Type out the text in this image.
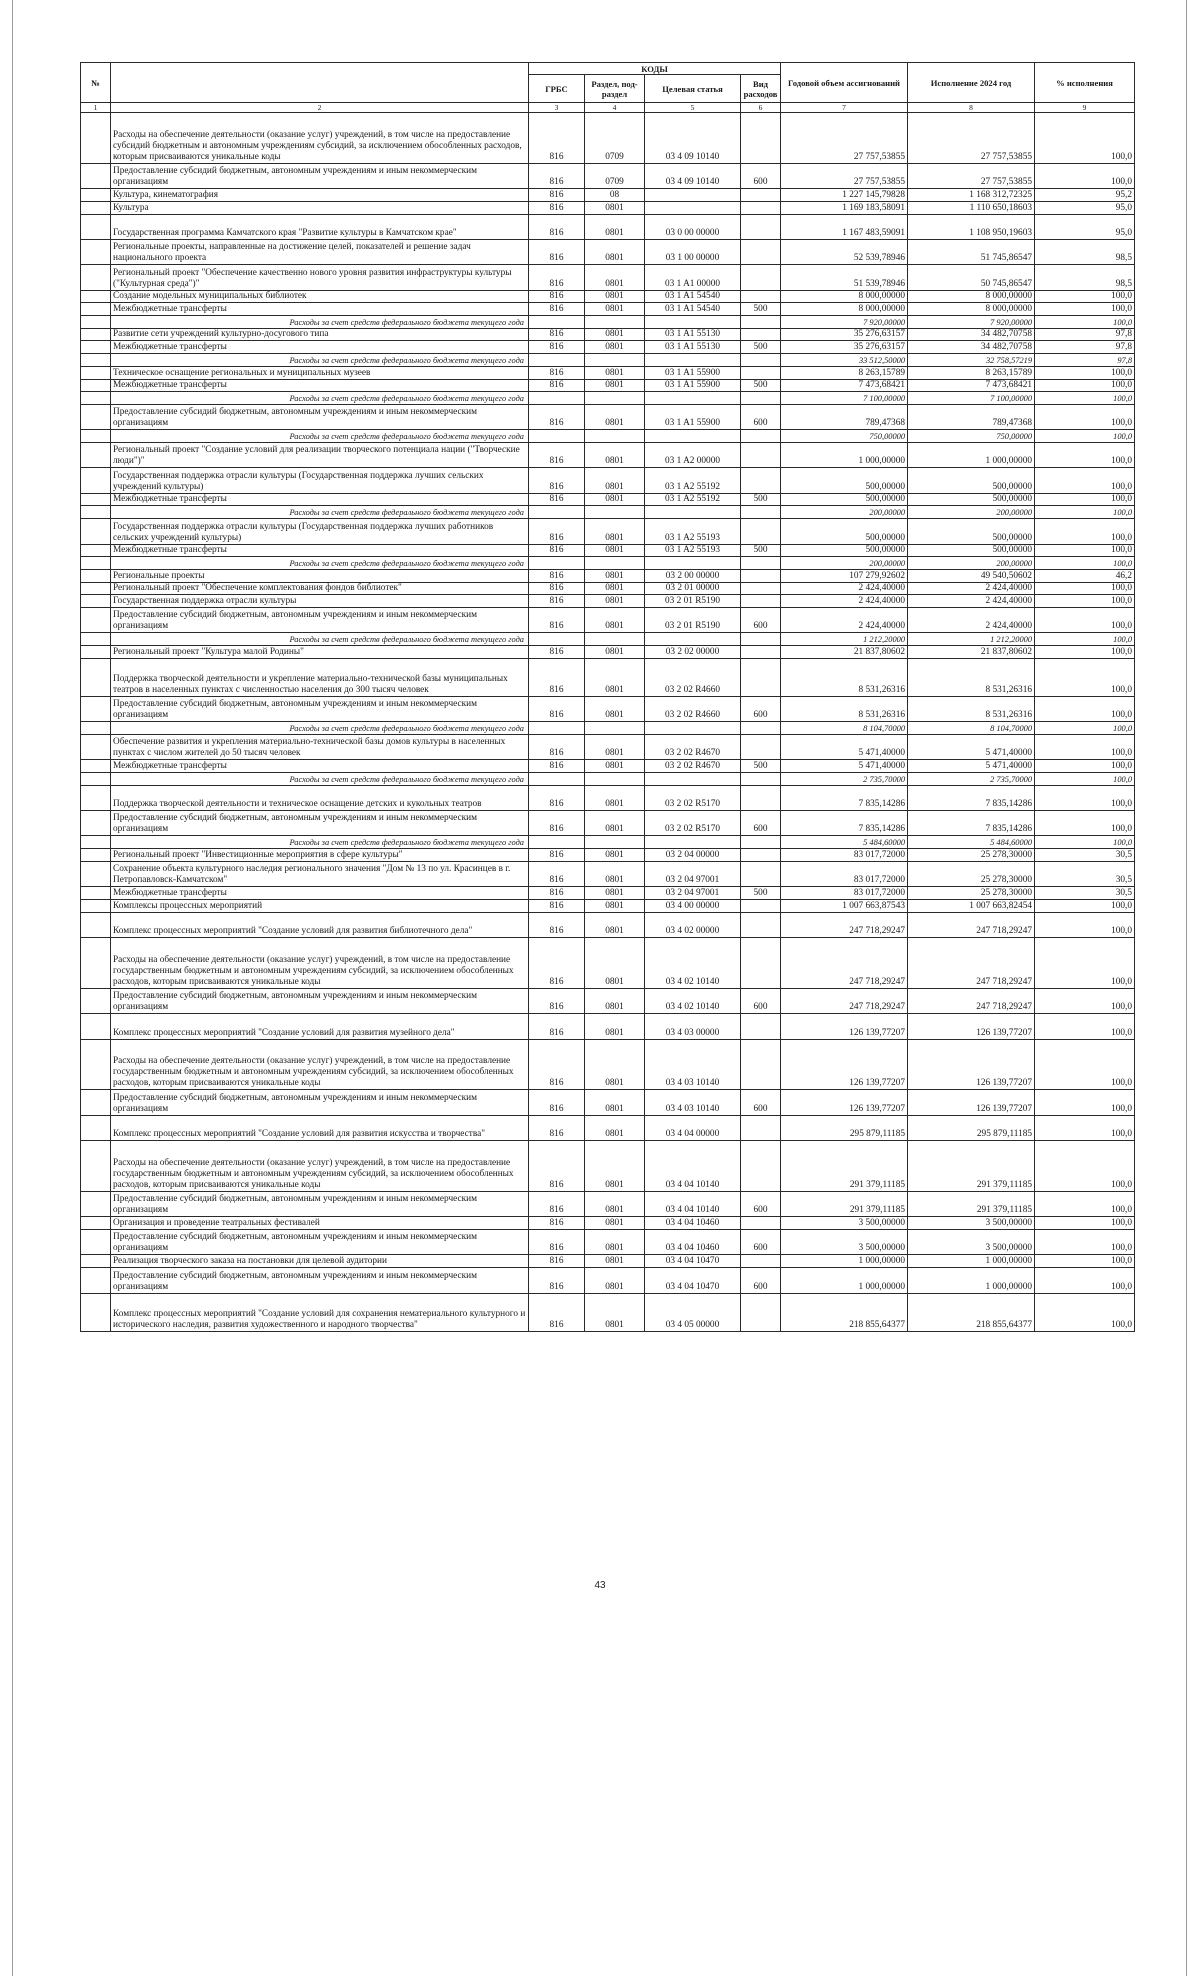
№		КОДЫ				Годовой объем ассигнований	Исполнение 2024 год	% исполнения
		ГРБС	Раздел, под-раздел	Целевая статья	Вид расходов			
1	2	3	4	5	6	7	8	9
	Расходы на обеспечение деятельности (оказание услуг) учреждений, в том числе на предоставление субсидий бюджетным и автономным учреждениям субсидий, за исключением обособленных расходов, которым присваиваются уникальные коды	816	0709	03 4 09 10140		27 757,53855	27 757,53855	100,0
	Предоставление субсидий бюджетным, автономным учреждениям и иным некоммерческим организациям	816	0709	03 4 09 10140	600	27 757,53855	27 757,53855	100,0
	Культура, кинематография	816	08			1 227 145,79828	1 168 312,72325	95,2
	Культура	816	0801			1 169 183,58091	1 110 650,18603	95,0
	Государственная программа Камчатского края "Развитие культуры в Камчатском крае"	816	0801	03 0 00 00000		1 167 483,59091	1 108 950,19603	95,0
	Региональные проекты, направленные на достижение целей, показателей и решение задач национального проекта	816	0801	03 1 00 00000		52 539,78946	51 745,86547	98,5
	Региональный проект "Обеспечение качественно нового уровня развития инфраструктуры культуры ("Культурная среда")"	816	0801	03 1 A1 00000		51 539,78946	50 745,86547	98,5
	Создание модельных муниципальных библиотек	816	0801	03 1 A1 54540		8 000,00000	8 000,00000	100,0
	Межбюджетные трансферты	816	0801	03 1 A1 54540	500	8 000,00000	8 000,00000	100,0
	Расходы за счет средств федерального бюджета текущего года					7 920,00000	7 920,00000	100,0
	Развитие сети учреждений культурно-досугового типа	816	0801	03 1 A1 55130		35 276,63157	34 482,70758	97,8
	Межбюджетные трансферты	816	0801	03 1 A1 55130	500	35 276,63157	34 482,70758	97,8
	Расходы за счет средств федерального бюджета текущего года					33 512,50000	32 758,57219	97,8
	Техническое оснащение региональных и муниципальных музеев	816	0801	03 1 A1 55900		8 263,15789	8 263,15789	100,0
	Межбюджетные трансферты	816	0801	03 1 A1 55900	500	7 473,68421	7 473,68421	100,0
	Расходы за счет средств федерального бюджета текущего года					7 100,00000	7 100,00000	100,0
	Предоставление субсидий бюджетным, автономным учреждениям и иным некоммерческим организациям	816	0801	03 1 A1 55900	600	789,47368	789,47368	100,0
	Расходы за счет средств федерального бюджета текущего года					750,00000	750,00000	100,0
	Региональный проект "Создание условий для реализации творческого потенциала нации ("Творческие люди")"	816	0801	03 1 A2 00000		1 000,00000	1 000,00000	100,0
	Государственная поддержка отрасли культуры (Государственная поддержка лучших сельских учреждений культуры)	816	0801	03 1 A2 55192		500,00000	500,00000	100,0
	Межбюджетные трансферты	816	0801	03 1 A2 55192	500	500,00000	500,00000	100,0
	Расходы за счет средств федерального бюджета текущего года					200,00000	200,00000	100,0
	Государственная поддержка отрасли культуры (Государственная поддержка лучших работников сельских учреждений культуры)	816	0801	03 1 A2 55193		500,00000	500,00000	100,0
	Межбюджетные трансферты	816	0801	03 1 A2 55193	500	500,00000	500,00000	100,0
	Расходы за счет средств федерального бюджета текущего года					200,00000	200,00000	100,0
	Региональные проекты	816	0801	03 2 00 00000		107 279,92602	49 540,50602	46,2
	Региональный проект "Обеспечение комплектования фондов библиотек"	816	0801	03 2 01 00000		2 424,40000	2 424,40000	100,0
	Государственная поддержка отрасли культуры	816	0801	03 2 01 R5190		2 424,40000	2 424,40000	100,0
	Предоставление субсидий бюджетным, автономным учреждениям и иным некоммерческим организациям	816	0801	03 2 01 R5190	600	2 424,40000	2 424,40000	100,0
	Расходы за счет средств федерального бюджета текущего года					1 212,20000	1 212,20000	100,0
	Региональный проект "Культура малой Родины"	816	0801	03 2 02 00000		21 837,80602	21 837,80602	100,0
	Поддержка творческой деятельности и укрепление материально-технической базы муниципальных театров в населенных пунктах с численностью населения до 300 тысяч человек	816	0801	03 2 02 R4660		8 531,26316	8 531,26316	100,0
	Предоставление субсидий бюджетным, автономным учреждениям и иным некоммерческим организациям	816	0801	03 2 02 R4660	600	8 531,26316	8 531,26316	100,0
	Расходы за счет средств федерального бюджета текущего года					8 104,70000	8 104,70000	100,0
	Обеспечение развития и укрепления материально-технической базы домов культуры в населенных пунктах с числом жителей до 50 тысяч человек	816	0801	03 2 02 R4670		5 471,40000	5 471,40000	100,0
	Межбюджетные трансферты	816	0801	03 2 02 R4670	500	5 471,40000	5 471,40000	100,0
	Расходы за счет средств федерального бюджета текущего года					2 735,70000	2 735,70000	100,0
	Поддержка творческой деятельности и техническое оснащение детских и кукольных театров	816	0801	03 2 02 R5170		7 835,14286	7 835,14286	100,0
	Предоставление субсидий бюджетным, автономным учреждениям и иным некоммерческим организациям	816	0801	03 2 02 R5170	600	7 835,14286	7 835,14286	100,0
	Расходы за счет средств федерального бюджета текущего года					5 484,60000	5 484,60000	100,0
	Региональный проект "Инвестиционные мероприятия в сфере культуры"	816	0801	03 2 04 00000		83 017,72000	25 278,30000	30,5
	Сохранение объекта культурного наследия регионального значения "Дом № 13 по ул. Красинцев в г. Петропавловск-Камчатском"	816	0801	03 2 04 97001		83 017,72000	25 278,30000	30,5
	Межбюджетные трансферты	816	0801	03 2 04 97001	500	83 017,72000	25 278,30000	30,5
	Комплексы процессных мероприятий	816	0801	03 4 00 00000		1 007 663,87543	1 007 663,82454	100,0
	Комплекс процессных мероприятий "Создание условий для развития библиотечного дела"	816	0801	03 4 02 00000		247 718,29247	247 718,29247	100,0
	Расходы на обеспечение деятельности (оказание услуг) учреждений, в том числе на предоставление государственным бюджетным и автономным учреждениям субсидий, за исключением обособленных расходов, которым присваиваются уникальные коды	816	0801	03 4 02 10140		247 718,29247	247 718,29247	100,0
	Предоставление субсидий бюджетным, автономным учреждениям и иным некоммерческим организациям	816	0801	03 4 02 10140	600	247 718,29247	247 718,29247	100,0
	Комплекс процессных мероприятий "Создание условий для развития музейного дела"	816	0801	03 4 03 00000		126 139,77207	126 139,77207	100,0
	Расходы на обеспечение деятельности (оказание услуг) учреждений, в том числе на предоставление государственным бюджетным и автономным учреждениям субсидий, за исключением обособленных расходов, которым присваиваются уникальные коды	816	0801	03 4 03 10140		126 139,77207	126 139,77207	100,0
	Предоставление субсидий бюджетным, автономным учреждениям и иным некоммерческим организациям	816	0801	03 4 03 10140	600	126 139,77207	126 139,77207	100,0
	Комплекс процессных мероприятий "Создание условий для развития искусства и творчества"	816	0801	03 4 04 00000		295 879,11185	295 879,11185	100,0
	Расходы на обеспечение деятельности (оказание услуг) учреждений, в том числе на предоставление государственным бюджетным и автономным учреждениям субсидий, за исключением обособленных расходов, которым присваиваются уникальные коды	816	0801	03 4 04 10140		291 379,11185	291 379,11185	100,0
	Предоставление субсидий бюджетным, автономным учреждениям и иным некоммерческим организациям	816	0801	03 4 04 10140	600	291 379,11185	291 379,11185	100,0
	Организация и проведение театральных фестивалей	816	0801	03 4 04 10460		3 500,00000	3 500,00000	100,0
	Предоставление субсидий бюджетным, автономным учреждениям и иным некоммерческим организациям	816	0801	03 4 04 10460	600	3 500,00000	3 500,00000	100,0
	Реализация творческого заказа на постановки для целевой аудитории	816	0801	03 4 04 10470		1 000,00000	1 000,00000	100,0
	Предоставление субсидий бюджетным, автономным учреждениям и иным некоммерческим организациям	816	0801	03 4 04 10470	600	1 000,00000	1 000,00000	100,0
	Комплекс процессных мероприятий "Создание условий для сохранения нематериального культурного и исторического наследия, развития художественного и народного творчества"	816	0801	03 4 05 00000		218 855,64377	218 855,64377	100,0
43
